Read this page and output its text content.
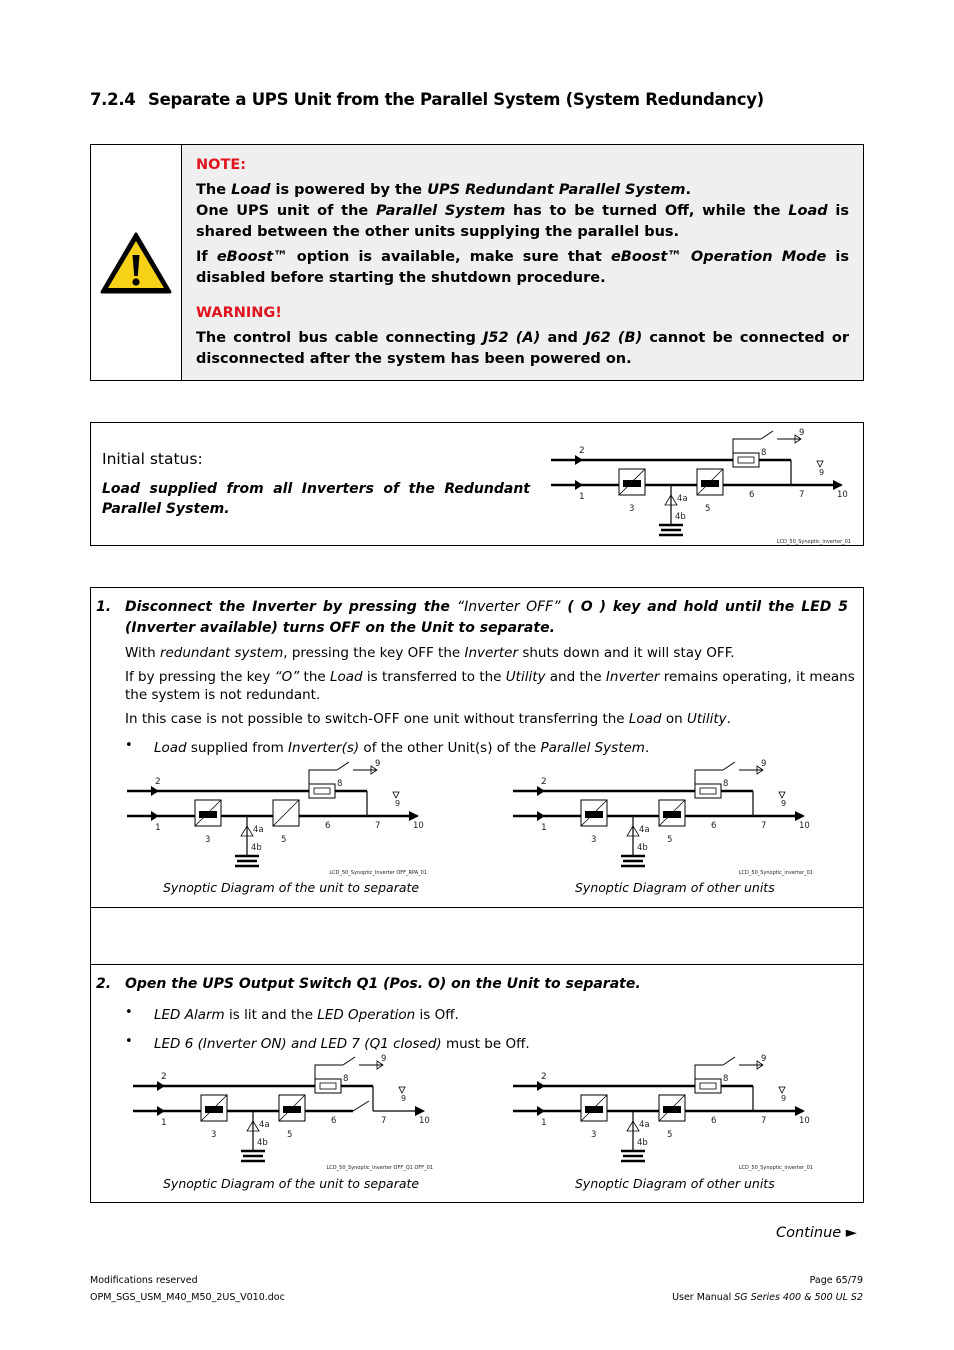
7.2.4 Separate a UPS Unit from the Parallel System (System Redundancy)
NOTE:
The Load is powered by the UPS Redundant Parallel System.
One UPS unit of the Parallel System has to be turned Off, while the Load is shared between the other units supplying the parallel bus.
If eBoost™ option is available, make sure that eBoost™ Operation Mode is disabled before starting the shutdown procedure.
WARNING!
The control bus cable connecting J52 (A) and J62 (B) cannot be connected or disconnected after the system has been powered on.
Initial status:
Load supplied from all Inverters of the Redundant Parallel System.
2
1
3
4a
4b
5
6	7
8
9
9
10
LCD_50_Synoptic_inverter_01
1. Disconnect the Inverter by pressing the “Inverter OFF” ( O ) key and hold until the LED 5 (Inverter available) turns OFF on the Unit to separate.
With redundant system, pressing the key OFF the Inverter shuts down and it will stay OFF.
If by pressing the key “O” the Load is transferred to the Utility and the Inverter remains operating, it means the system is not redundant.
In this case is not possible to switch-OFF one unit without transferring the Load on Utility.
• Load supplied from Inverter(s) of the other Unit(s) of the Parallel System.
2
1
3
4a
4b
5
6	7
8
9
9
10
LCD_50_Synoptic_Inverter OFF_RPA_01
2
1
3
4a
4b
5
6	7
8
9
9
10
LCD_50_Synoptic_inverter_01
Synoptic Diagram of the unit to separate	Synoptic Diagram of other units
2. Open the UPS Output Switch Q1 (Pos. O) on the Unit to separate.
• LED Alarm is lit and the LED Operation is Off.
• LED 6 (Inverter ON) and LED 7 (Q1 closed) must be Off.
2
1
3
4a
4b
5
6	7
8
9
9
10
LCD_50_Synoptic_Inverter OFF_Q1 OFF_01
2
1
3
4a
4b
5
6	7
8
9
9
10
LCD_50_Synoptic_inverter_01
Synoptic Diagram of the unit to separate	Synoptic Diagram of other units
Continue ►
Modifications reserved
OPM_SGS_USM_M40_M50_2US_V010.doc
Page 65/79
User Manual SG Series 400 & 500 UL S2
